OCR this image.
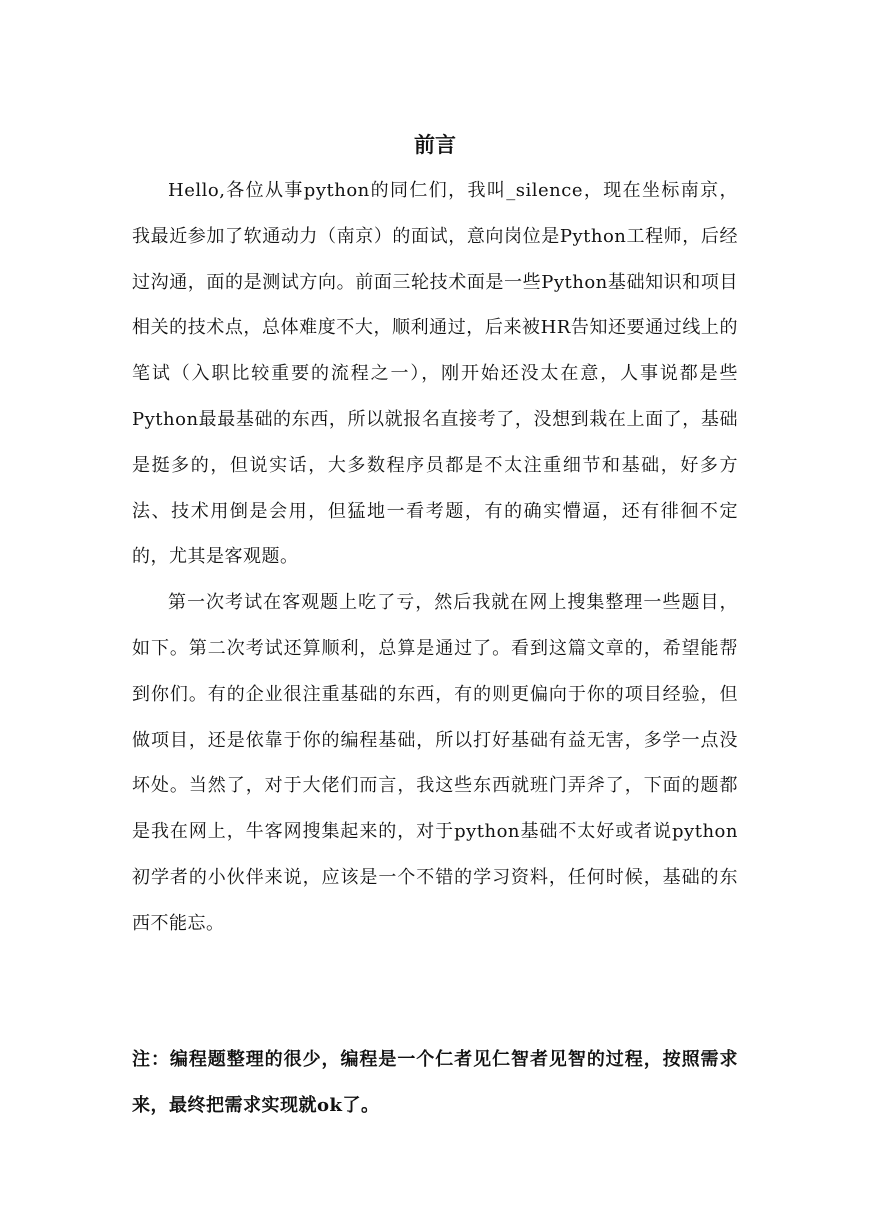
前言

Hello,各位从事python的同仁们，我叫_silence，现在坐标南京，我最近参加了软通动力（南京）的面试，意向岗位是Python工程师，后经过沟通，面的是测试方向。前面三轮技术面是一些Python基础知识和项目相关的技术点，总体难度不大，顺利通过，后来被HR告知还要通过线上的笔试（入职比较重要的流程之一），刚开始还没太在意，人事说都是些Python最最基础的东西，所以就报名直接考了，没想到栽在上面了，基础是挺多的，但说实话，大多数程序员都是不太注重细节和基础，好多方法、技术用倒是会用，但猛地一看考题，有的确实懵逼，还有徘徊不定的，尤其是客观题。

第一次考试在客观题上吃了亏，然后我就在网上搜集整理一些题目，如下。第二次考试还算顺利，总算是通过了。看到这篇文章的，希望能帮到你们。有的企业很注重基础的东西，有的则更偏向于你的项目经验，但做项目，还是依靠于你的编程基础，所以打好基础有益无害，多学一点没坏处。当然了，对于大佬们而言，我这些东西就班门弄斧了，下面的题都是我在网上，牛客网搜集起来的，对于python基础不太好或者说python初学者的小伙伴来说，应该是一个不错的学习资料，任何时候，基础的东西不能忘。

注：编程题整理的很少，编程是一个仁者见仁智者见智的过程，按照需求来，最终把需求实现就ok了。
